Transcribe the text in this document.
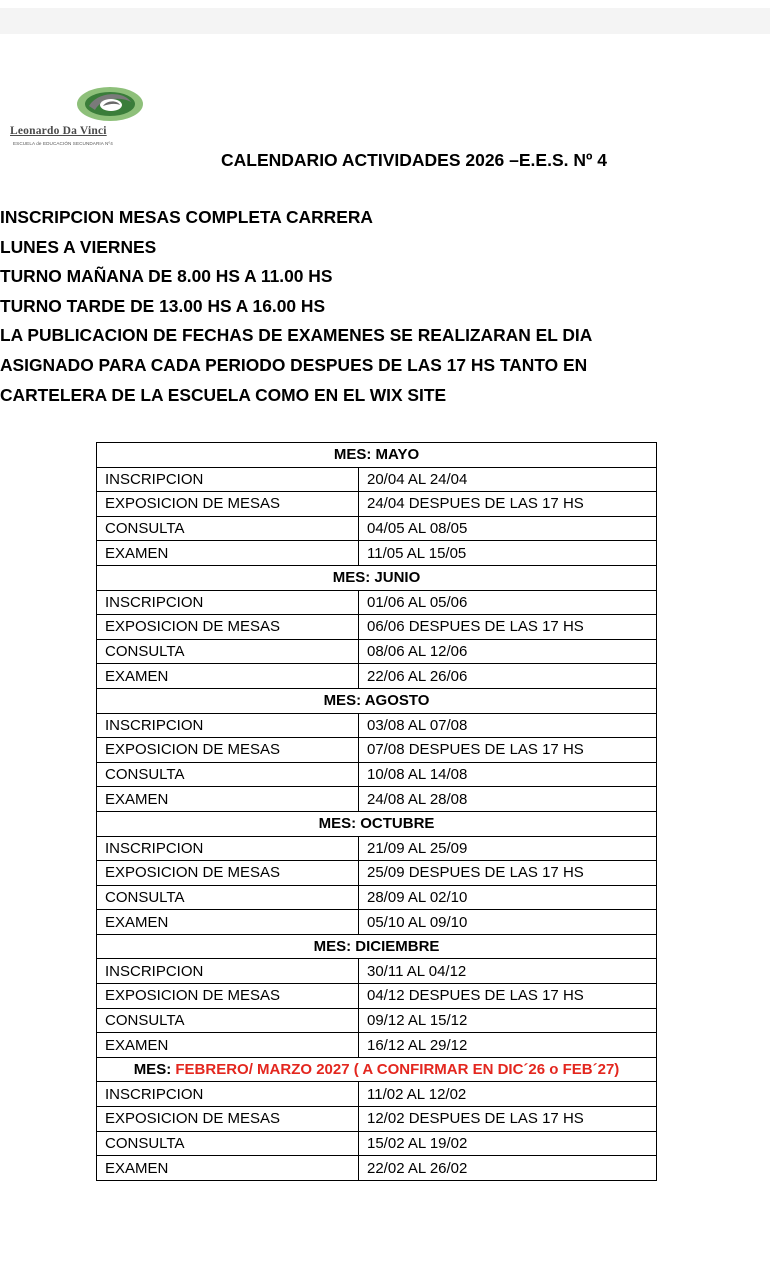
Leonardo Da Vinci
ESCUELA de EDUCACIÓN SECUNDARIA Nº4
CALENDARIO ACTIVIDADES 2026 –E.E.S. Nº 4
INSCRIPCION MESAS COMPLETA CARRERA
LUNES A VIERNES
TURNO MAÑANA DE 8.00 HS A 11.00 HS
TURNO TARDE DE 13.00 HS A 16.00 HS
LA PUBLICACION DE FECHAS DE EXAMENES SE REALIZARAN EL DIA
ASIGNADO PARA CADA PERIODO DESPUES DE LAS 17 HS TANTO EN
CARTELERA DE LA ESCUELA COMO EN EL WIX SITE
MES: MAYO	
INSCRIPCION	20/04 AL 24/04
EXPOSICION DE MESAS	24/04 DESPUES DE LAS 17 HS
CONSULTA	04/05 AL 08/05
EXAMEN	11/05 AL 15/05
MES: JUNIO	
INSCRIPCION	01/06 AL 05/06
EXPOSICION DE MESAS	06/06 DESPUES DE LAS 17 HS
CONSULTA	08/06 AL 12/06
EXAMEN	22/06 AL 26/06
MES: AGOSTO	
INSCRIPCION	03/08 AL 07/08
EXPOSICION DE MESAS	07/08 DESPUES DE LAS 17 HS
CONSULTA	10/08 AL 14/08
EXAMEN	24/08 AL 28/08
MES: OCTUBRE	
INSCRIPCION	21/09 AL 25/09
EXPOSICION DE MESAS	25/09 DESPUES DE LAS 17 HS
CONSULTA	28/09 AL 02/10
EXAMEN	05/10 AL 09/10
MES: DICIEMBRE	
INSCRIPCION	30/11 AL 04/12
EXPOSICION DE MESAS	04/12 DESPUES DE LAS 17 HS
CONSULTA	09/12 AL 15/12
EXAMEN	16/12 AL 29/12
MES: FEBRERO/ MARZO 2027 ( A CONFIRMAR EN DIC´26 o FEB´27)	
INSCRIPCION	11/02 AL 12/02
EXPOSICION DE MESAS	12/02 DESPUES DE LAS 17 HS
CONSULTA	15/02 AL 19/02
EXAMEN	22/02 AL 26/02
